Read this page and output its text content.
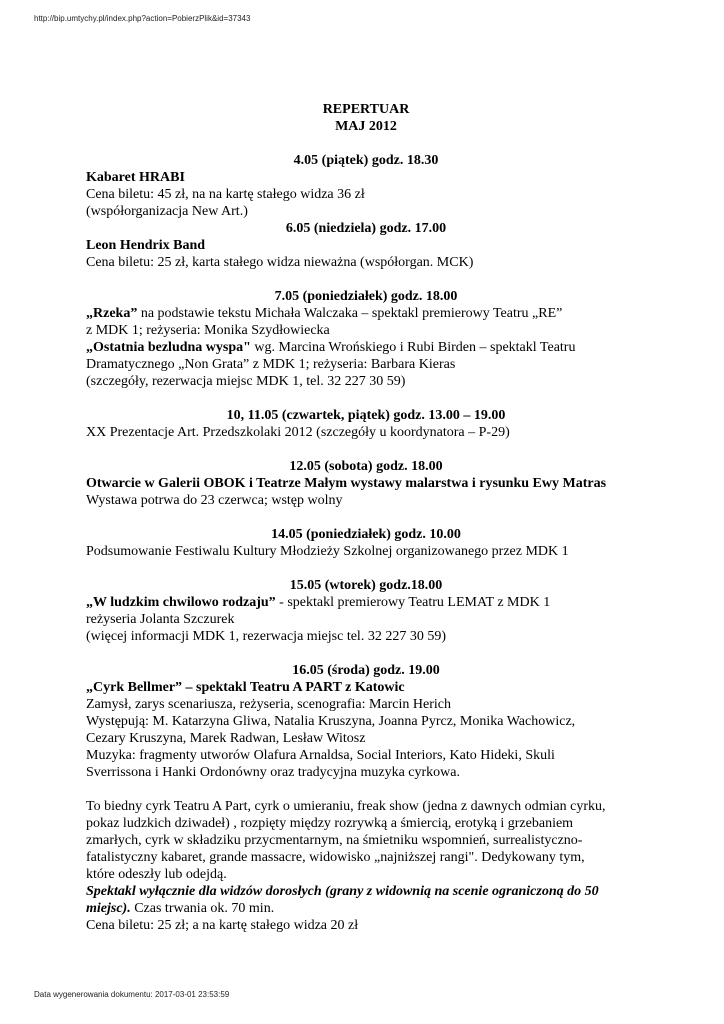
http://bip.umtychy.pl/index.php?action=PobierzPlik&id=37343

REPERTUAR

MAJ 2012

4.05 (piątek) godz. 18.30

Kabaret HRABI

Cena biletu: 45 zł, na na kartę stałego widza 36 zł

(współorganizacja New Art.)

6.05 (niedziela) godz. 17.00

Leon Hendrix Band

Cena biletu: 25 zł, karta stałego widza nieważna (współorgan. MCK)

7.05 (poniedziałek) godz. 18.00

„Rzeka” na podstawie tekstu Michała Walczaka – spektakl premierowy Teatru „RE”

z MDK 1; reżyseria: Monika Szydłowiecka

„Ostatnia bezludna wyspa" wg. Marcina Wrońskiego i Rubi Birden – spektakl Teatru

Dramatycznego „Non Grata” z MDK 1; reżyseria: Barbara Kieras

(szczegóły, rezerwacja miejsc MDK 1, tel. 32 227 30 59)

10, 11.05 (czwartek, piątek) godz. 13.00 – 19.00

XX Prezentacje Art. Przedszkolaki 2012 (szczegóły u koordynatora – P-29)

12.05 (sobota) godz. 18.00

Otwarcie w Galerii OBOK i Teatrze Małym wystawy malarstwa i rysunku Ewy Matras

Wystawa potrwa do 23 czerwca; wstęp wolny

14.05 (poniedziałek) godz. 10.00

Podsumowanie Festiwalu Kultury Młodzieży Szkolnej organizowanego przez MDK 1

15.05 (wtorek) godz.18.00

„W ludzkim chwilowo rodzaju” - spektakl premierowy Teatru LEMAT z MDK 1

reżyseria Jolanta Szczurek

(więcej informacji MDK 1, rezerwacja miejsc tel. 32 227 30 59)

16.05 (środa) godz. 19.00

„Cyrk Bellmer” – spektakl Teatru A PART z Katowic

Zamysł, zarys scenariusza, reżyseria, scenografia: Marcin Herich

Występują: M. Katarzyna Gliwa, Natalia Kruszyna, Joanna Pyrcz, Monika Wachowicz,

Cezary Kruszyna, Marek Radwan, Lesław Witosz

Muzyka: fragmenty utworów Olafura Arnaldsa, Social Interiors, Kato Hideki, Skuli

Sverrissona i Hanki Ordonówny oraz tradycyjna muzyka cyrkowa.

To biedny cyrk Teatru A Part, cyrk o umieraniu, freak show (jedna z dawnych odmian cyrku,

pokaz ludzkich dziwadeł) , rozpięty między rozrywką a śmiercią, erotyką i grzebaniem

zmarłych, cyrk w składziku przycmentarnym, na śmietniku wspomnień, surrealistyczno-

fatalistyczny kabaret, grande massacre, widowisko „najniższej rangi". Dedykowany tym,

które odeszły lub odejdą.

Spektakl wyłącznie dla widzów dorosłych (grany z widownią na scenie ograniczoną do 50

miejsc). Czas trwania ok. 70 min.

Cena biletu: 25 zł; a na kartę stałego widza 20 zł

Data wygenerowania dokumentu: 2017-03-01 23:53:59
